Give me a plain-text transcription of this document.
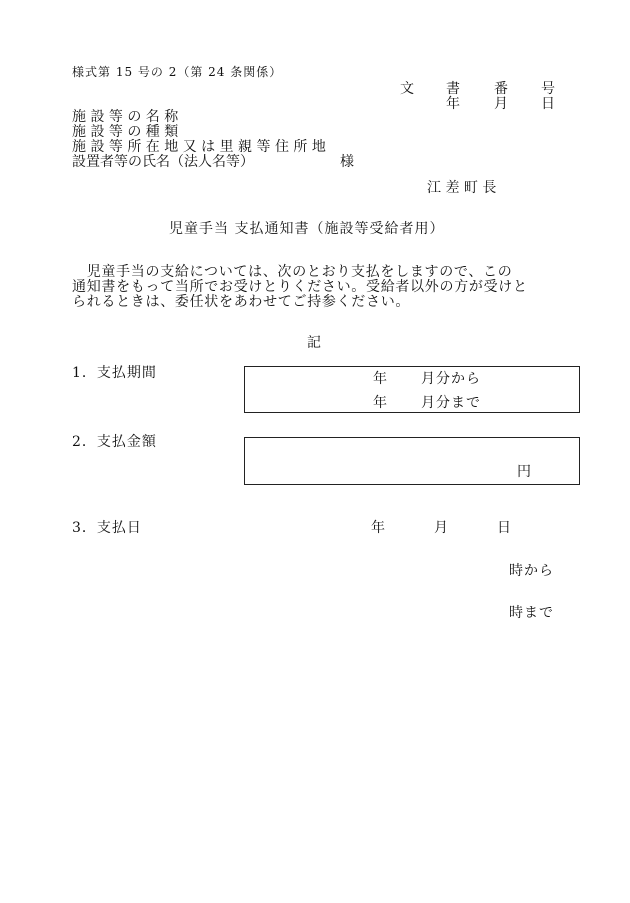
様式第 15 号の 2（第 24 条関係）
文 書 番 号
年 月 日
施 設 等 の 名 称
施 設 等 の 種 類
施 設 等 所 在 地 又 は 里 親 等 住 所 地
設置者等の氏名（法人名等）	様
江 差 町 長
児童手当 支払通知書（施設等受給者用）
　児童手当の支給については、次のとおり支払をしますので、この
通知書をもって当所でお受けとりください。受給者以外の方が受けと
られるときは、委任状をあわせてご持参ください。
記
1．支払期間	年 月分から
年 月分まで
2．支払金額
円
3．支払日	年	月	日
時から
時まで
